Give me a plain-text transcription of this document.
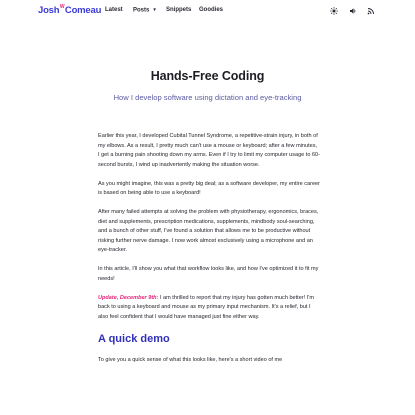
Josh$^W$Comeau Latest Posts ▼ Snippets Goodies
Hands-Free Coding
How I develop software using dictation and eye-tracking

Earlier this year, I developed Cubital Tunnel Syndrome, a repetitive-strain injury, in both of my elbows. As a result, I pretty much can't use a mouse or keyboard; after a few minutes, I get a burning pain shooting down my arms. Even if I try to limit my computer usage to 60-second bursts, I wind up inadvertently making the situation worse.

As you might imagine, this was a pretty big deal; as a software developer, my entire career is based on being able to use a keyboard!

After many failed attempts at solving the problem with physiotherapy, ergonomics, braces, diet and supplements, prescription medications, supplements, mindbody soul-searching, and a bunch of other stuff, I've found a solution that allows me to be productive without risking further nerve damage. I now work almost exclusively using a microphone and an eye-tracker.

In this article, I'll show you what that workflow looks like, and how I've optimized it to fit my needs!

Update, December 9th: I am thrilled to report that my injury has gotten much better! I'm back to using a keyboard and mouse as my primary input mechanism. It's a relief, but I also feel confident that I would have managed just fine either way.

A quick demo

To give you a quick sense of what this looks like, here's a short video of me
